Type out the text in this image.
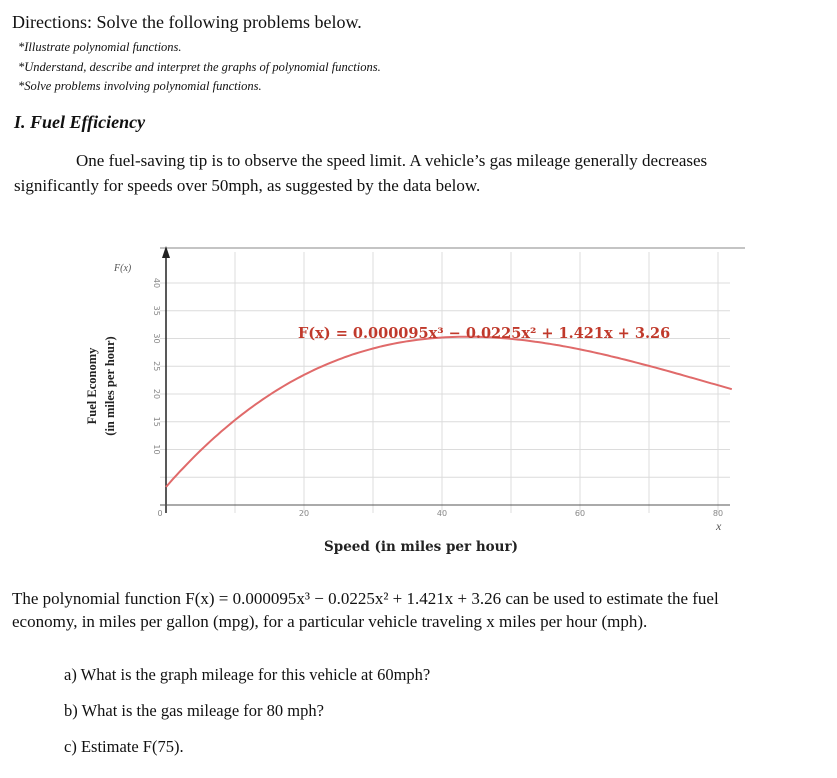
Directions: Solve the following problems below.
*Illustrate polynomial functions.
*Understand, describe and interpret the graphs of polynomial functions.
*Solve problems involving polynomial functions.
I. Fuel Efficiency
One fuel-saving tip is to observe the speed limit. A vehicle’s gas mileage generally decreases
significantly for speeds over 50mph, as suggested by the data below.
10
15
20
25
30
35
40
0	20	40	60	80
F(x)
Fuel Economy (in miles per hour)
x
Speed (in miles per hour)
F(x) = 0.000095x³ − 0.0225x² + 1.421x + 3.26
The polynomial function F(x) = 0.000095x³ − 0.0225x² + 1.421x + 3.26 can be used to estimate the fuel
economy, in miles per gallon (mpg), for a particular vehicle traveling x miles per hour (mph).
a) What is the graph mileage for this vehicle at 60mph?
b) What is the gas mileage for 80 mph?
c) Estimate F(75).
